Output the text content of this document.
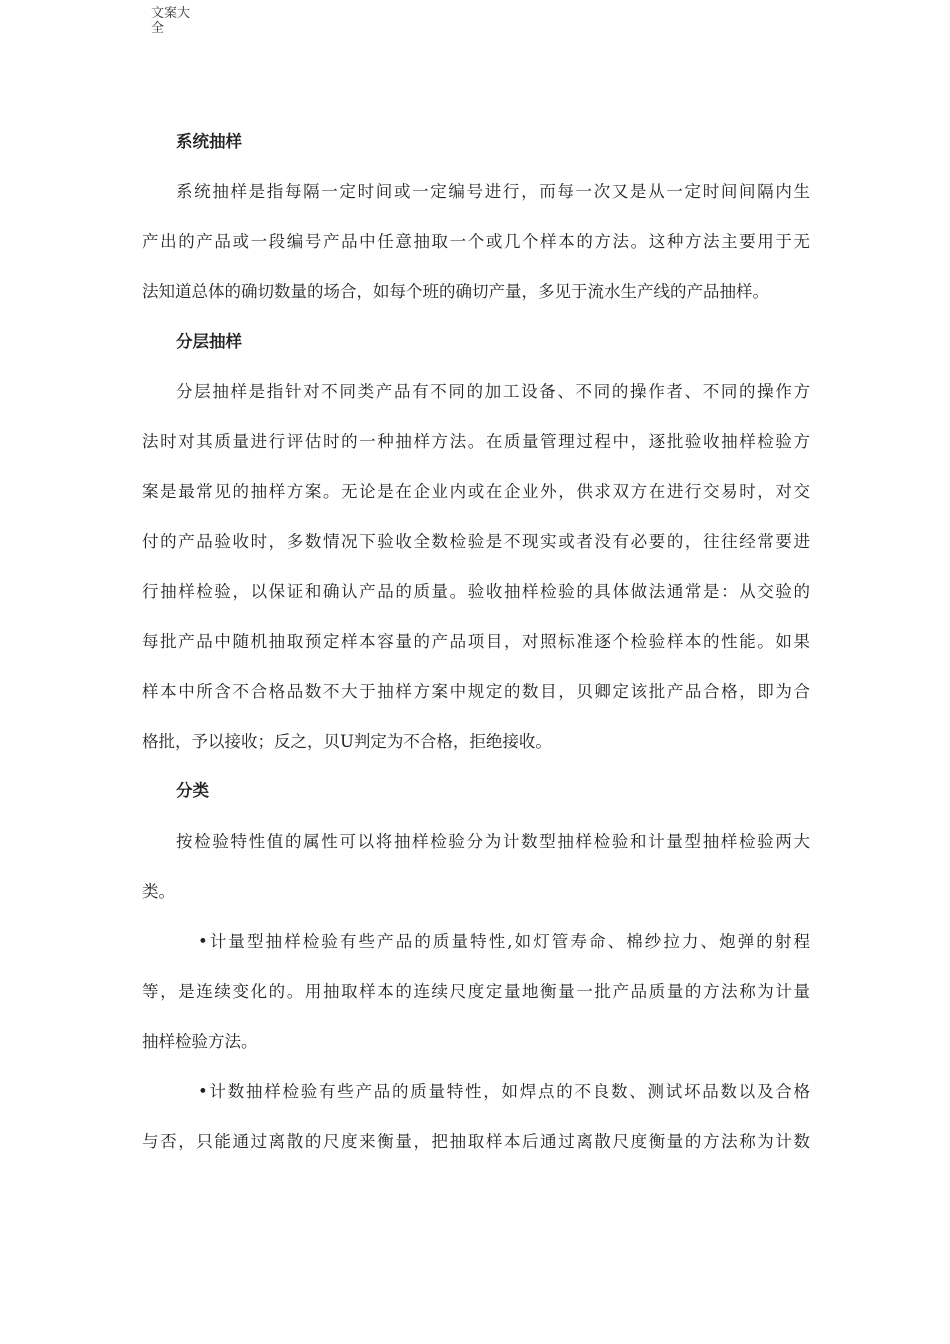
文案大
全
系统抽样
系统抽样是指每隔一定时间或一定编号进行，而每一次又是从一定时间间隔内生
产出的产品或一段编号产品中任意抽取一个或几个样本的方法。这种方法主要用于无
法知道总体的确切数量的场合，如每个班的确切产量，多见于流水生产线的产品抽样。
分层抽样
分层抽样是指针对不同类产品有不同的加工设备、不同的操作者、不同的操作方
法时对其质量进行评估时的一种抽样方法。在质量管理过程中，逐批验收抽样检验方
案是最常见的抽样方案。无论是在企业内或在企业外，供求双方在进行交易时，对交
付的产品验收时，多数情况下验收全数检验是不现实或者没有必要的，往往经常要进
行抽样检验，以保证和确认产品的质量。验收抽样检验的具体做法通常是：从交验的
每批产品中随机抽取预定样本容量的产品项目，对照标准逐个检验样本的性能。如果
样本中所含不合格品数不大于抽样方案中规定的数目，贝卿定该批产品合格，即为合
格批，予以接收；反之，贝U判定为不合格，拒绝接收。
分类
按检验特性值的属性可以将抽样检验分为计数型抽样检验和计量型抽样检验两大
类。
•计量型抽样检验有些产品的质量特性,如灯管寿命、棉纱拉力、炮弹的射程
等，是连续变化的。用抽取样本的连续尺度定量地衡量一批产品质量的方法称为计量
抽样检验方法。
•计数抽样检验有些产品的质量特性，如焊点的不良数、测试坏品数以及合格
与否，只能通过离散的尺度来衡量，把抽取样本后通过离散尺度衡量的方法称为计数
